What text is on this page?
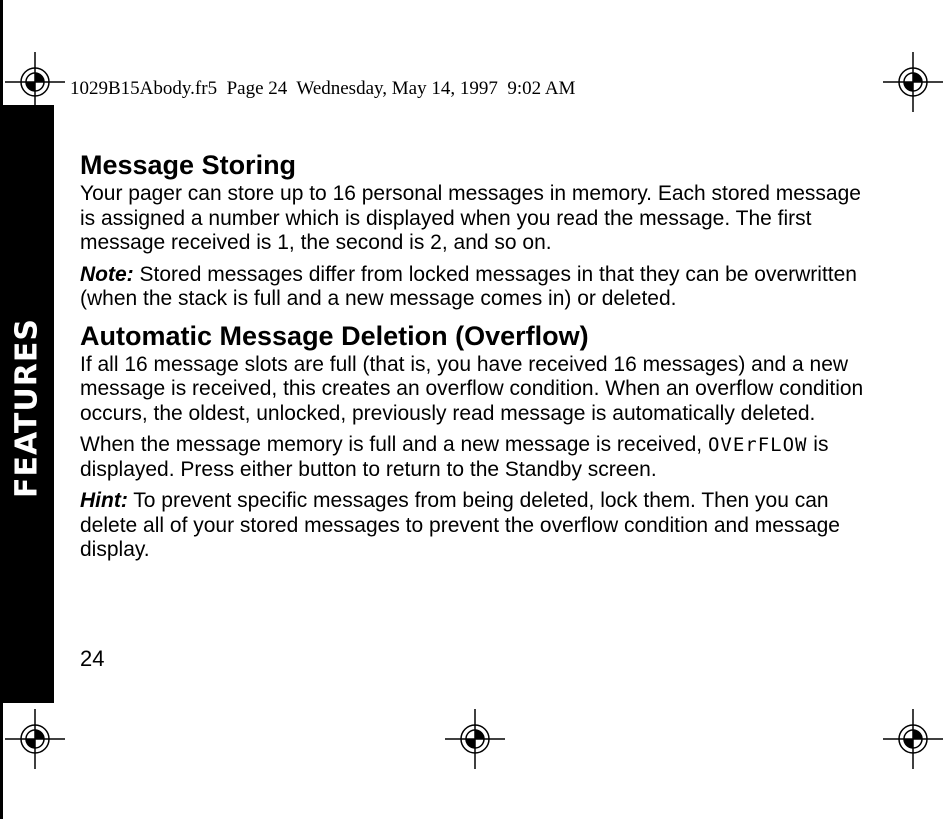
FEATURES
1029B15Abody.fr5  Page 24  Wednesday, May 14, 1997  9:02 AM
Message Storing

Your pager can store up to 16 personal messages in memory. Each stored message is assigned a number which is displayed when you read the message. The first message received is 1, the second is 2, and so on.

Note: Stored messages differ from locked messages in that they can be overwritten (when the stack is full and a new message comes in) or deleted.

Automatic Message Deletion (Overflow)

If all 16 message slots are full (that is, you have received 16 messages) and a new message is received, this creates an overflow condition. When an overflow condition occurs, the oldest, unlocked, previously read message is automatically deleted.

When the message memory is full and a new message is received, OVErFLOW is displayed. Press either button to return to the Standby screen.

Hint: To prevent specific messages from being deleted, lock them. Then you can delete all of your stored messages to prevent the overflow condition and message display.

24
